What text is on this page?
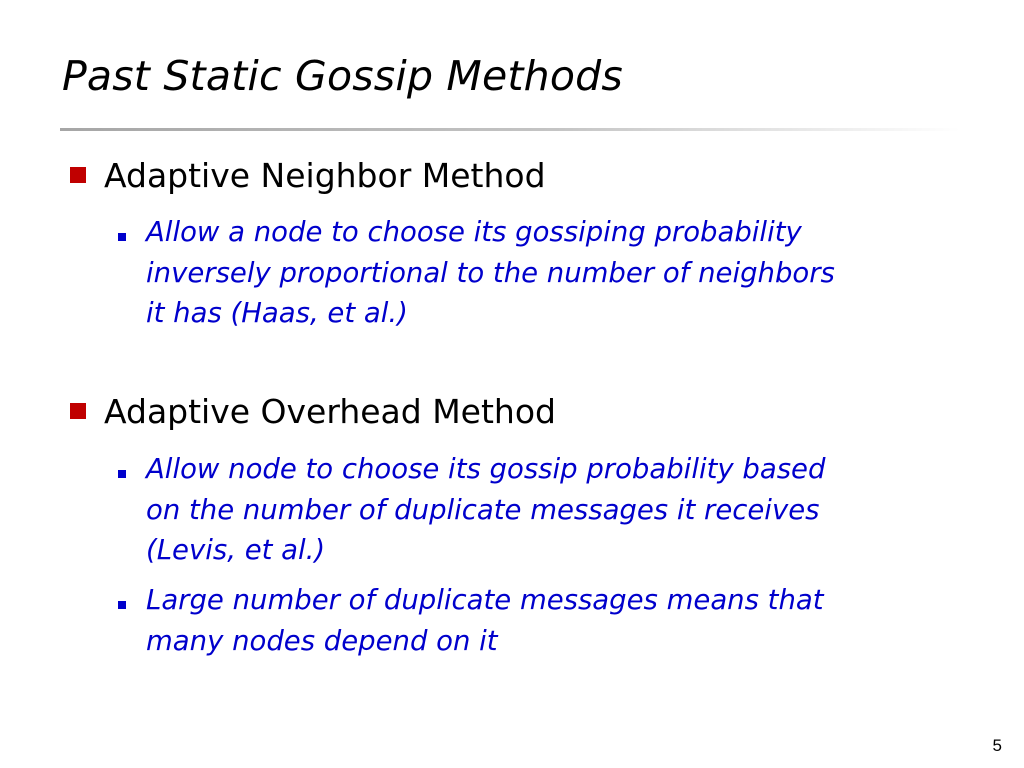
Past Static Gossip Methods
Adaptive Neighbor Method
Allow a node to choose its gossiping probability
inversely proportional to the number of neighbors
it has (Haas, et al.)
Adaptive Overhead Method
Allow node to choose its gossip probability based
on the number of duplicate messages it receives
(Levis, et al.)
Large number of duplicate messages means that
many nodes depend on it
5
